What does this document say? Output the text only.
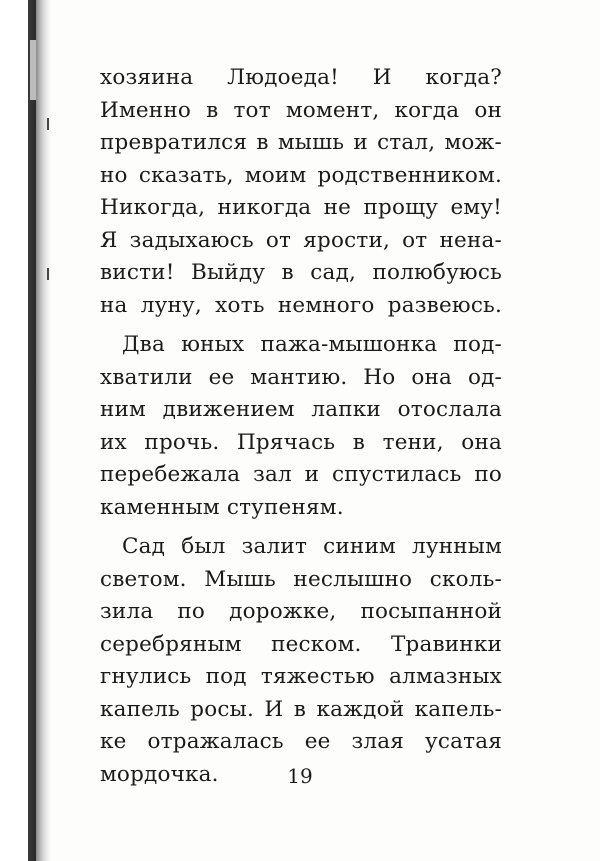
хозяина Людоеда! И когда?
Именно в тот момент, когда он
превратился в мышь и стал, мож-
но сказать, моим родственником.
Никогда, никогда не прощу ему!
Я задыхаюсь от ярости, от нена-
висти! Выйду в сад, полюбуюсь
на луну, хоть немного развеюсь.
Два юных пажа-мышонка под-
хватили ее мантию. Но она од-
ним движением лапки отослала
их прочь. Прячась в тени, она
перебежала зал и спустилась по
каменным ступеням.
Сад был залит синим лунным
светом. Мышь неслышно сколь-
зила по дорожке, посыпанной
серебряным песком. Травинки
гнулись под тяжестью алмазных
капель росы. И в каждой капель-
ке отражалась ее злая усатая
мордочка.	19
